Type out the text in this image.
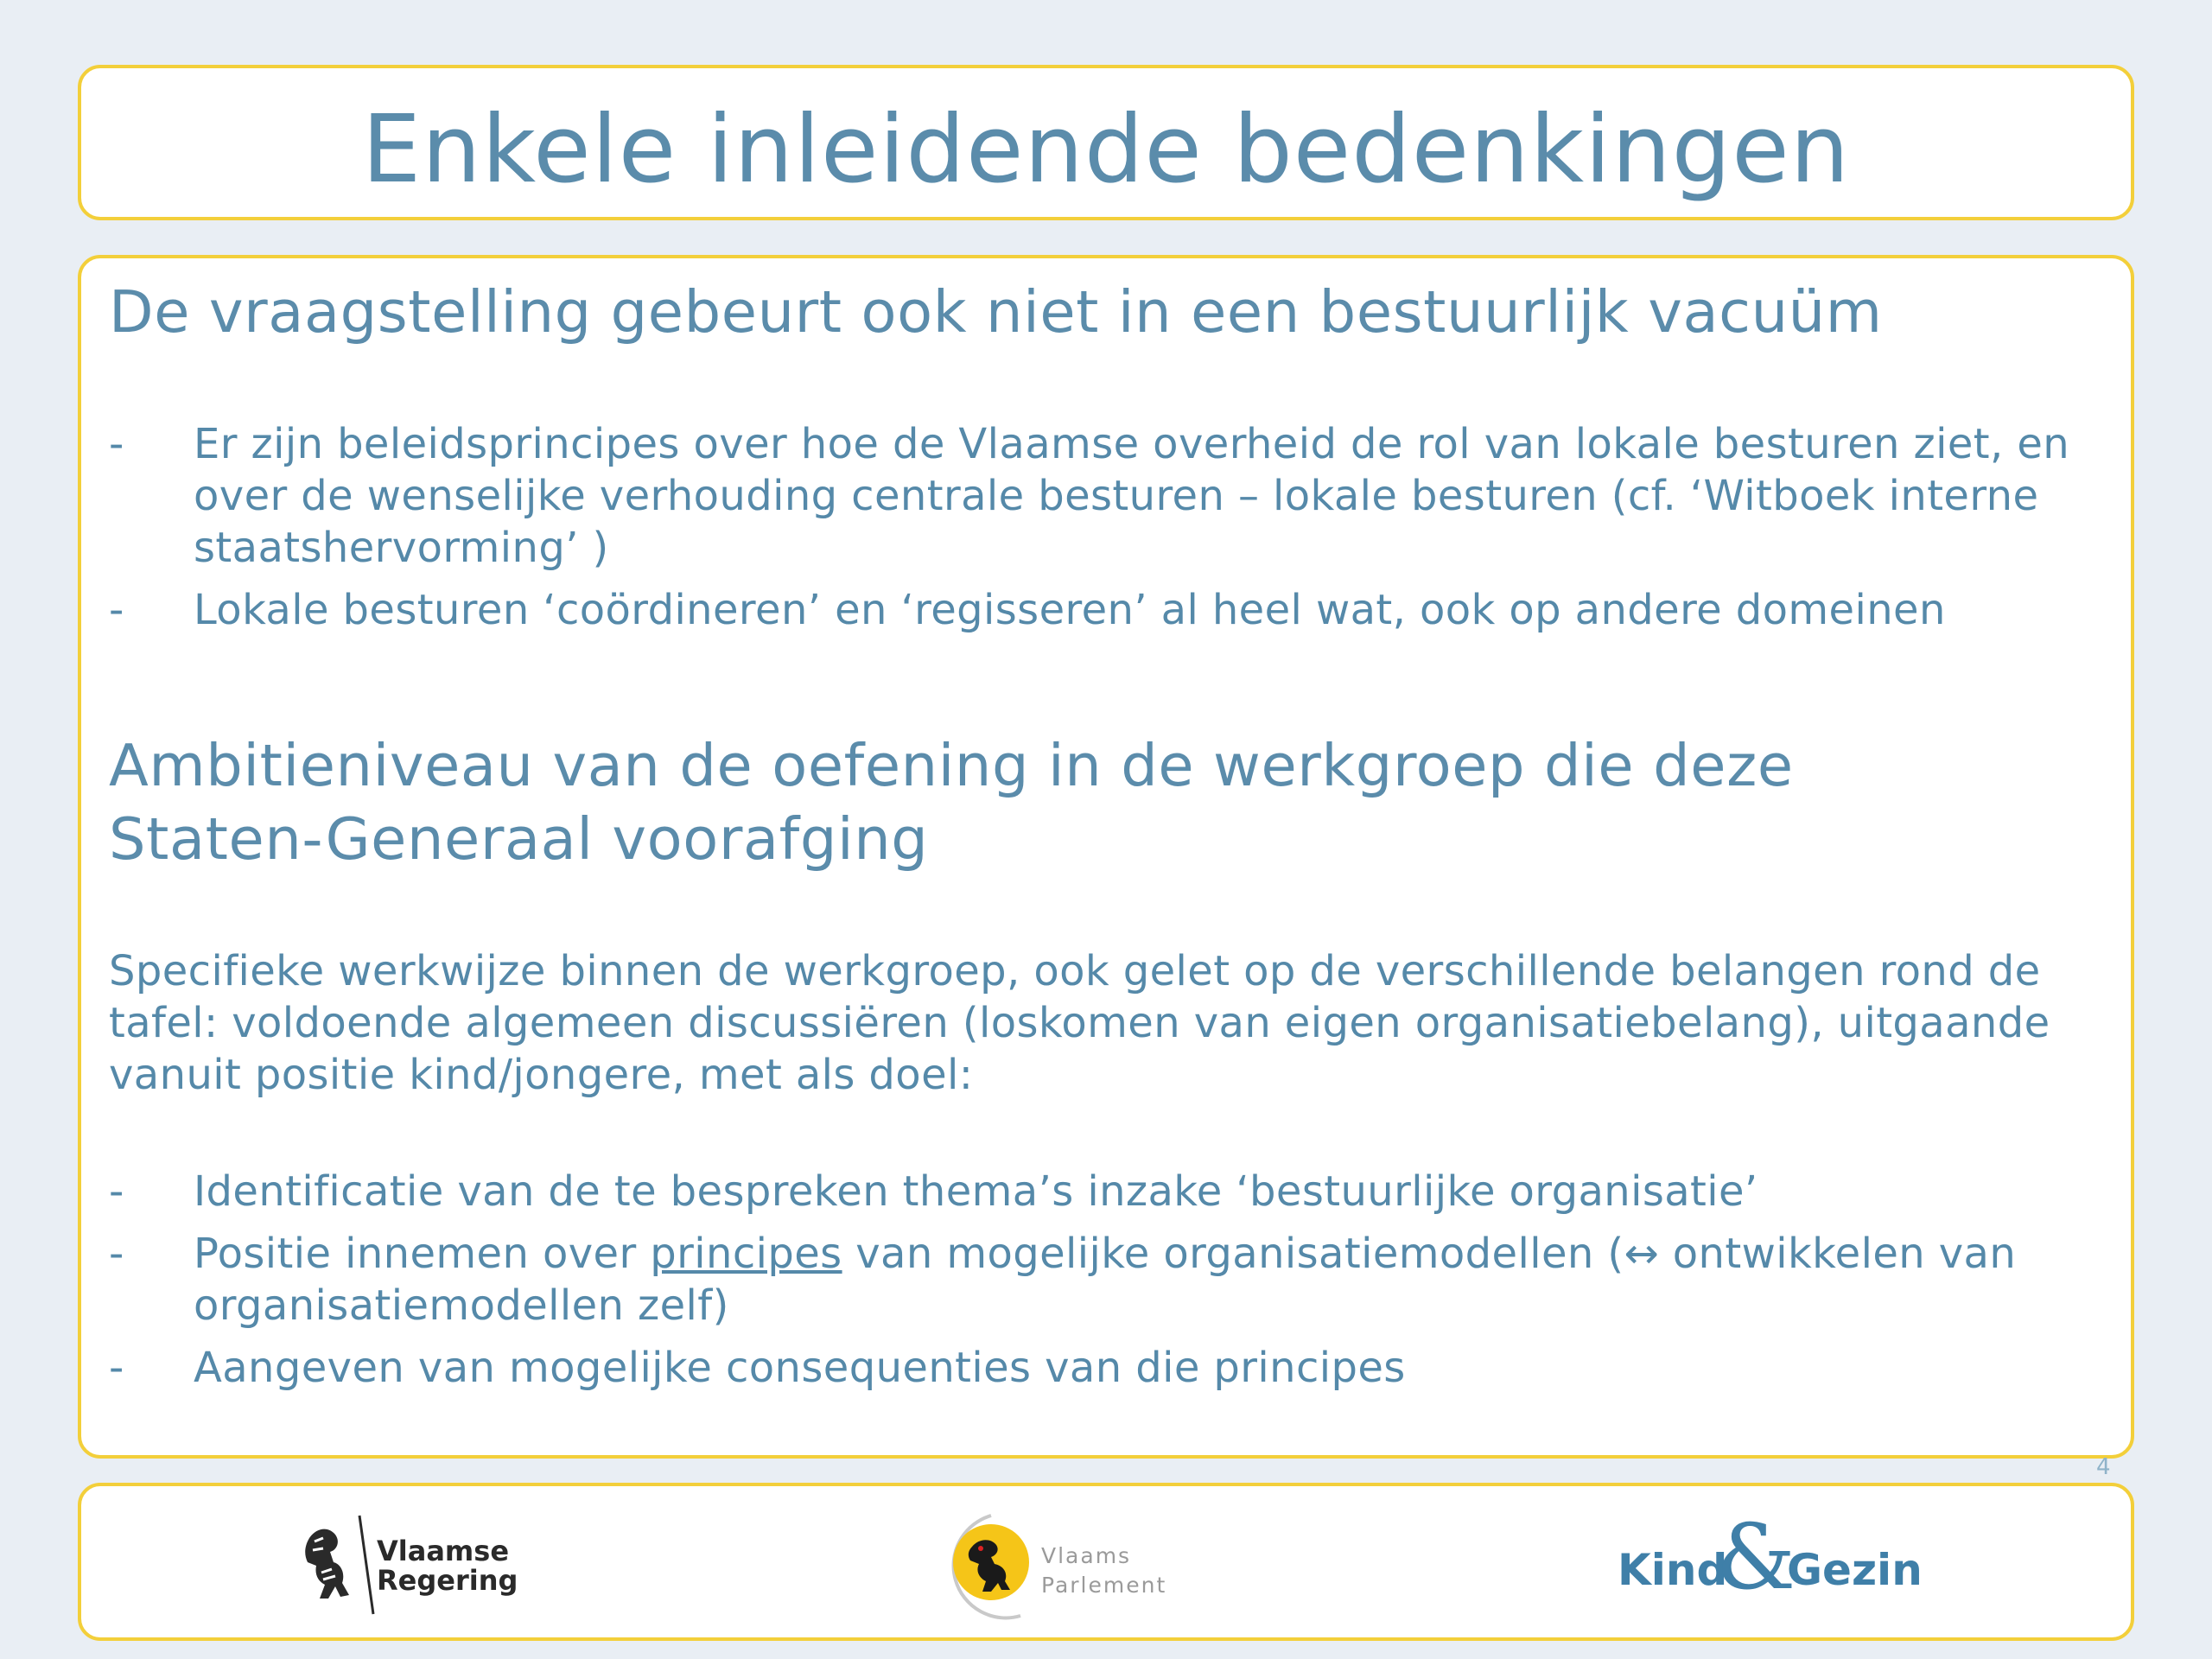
Enkele inleidende bedenkingen
De vraagstelling gebeurt ook niet in een bestuurlijk vacuüm
- Er zijn beleidsprincipes over hoe de Vlaamse overheid de rol van lokale besturen ziet, en over de wenselijke verhouding centrale besturen – lokale besturen (cf. ‘Witboek interne staatshervorming’ )
- Lokale besturen ‘coördineren’ en ‘regisseren’ al heel wat, ook op andere domeinen
Ambitieniveau van de oefening in de werkgroep die deze Staten-Generaal voorafging

Specifieke werkwijze binnen de werkgroep, ook gelet op de verschillende belangen rond de tafel: voldoende algemeen discussiëren (loskomen van eigen organisatiebelang), uitgaande vanuit positie kind/jongere, met als doel:

- Identificatie van de te bespreken thema’s inzake ‘bestuurlijke organisatie’
- Positie innemen over principes van mogelijke organisatiemodellen (↔ ontwikkelen van organisatiemodellen zelf)
- Aangeven van mogelijke consequenties van die principes
4
Vlaamse
Regering
Vlaams
Parlement	Kind
&
Gezin
